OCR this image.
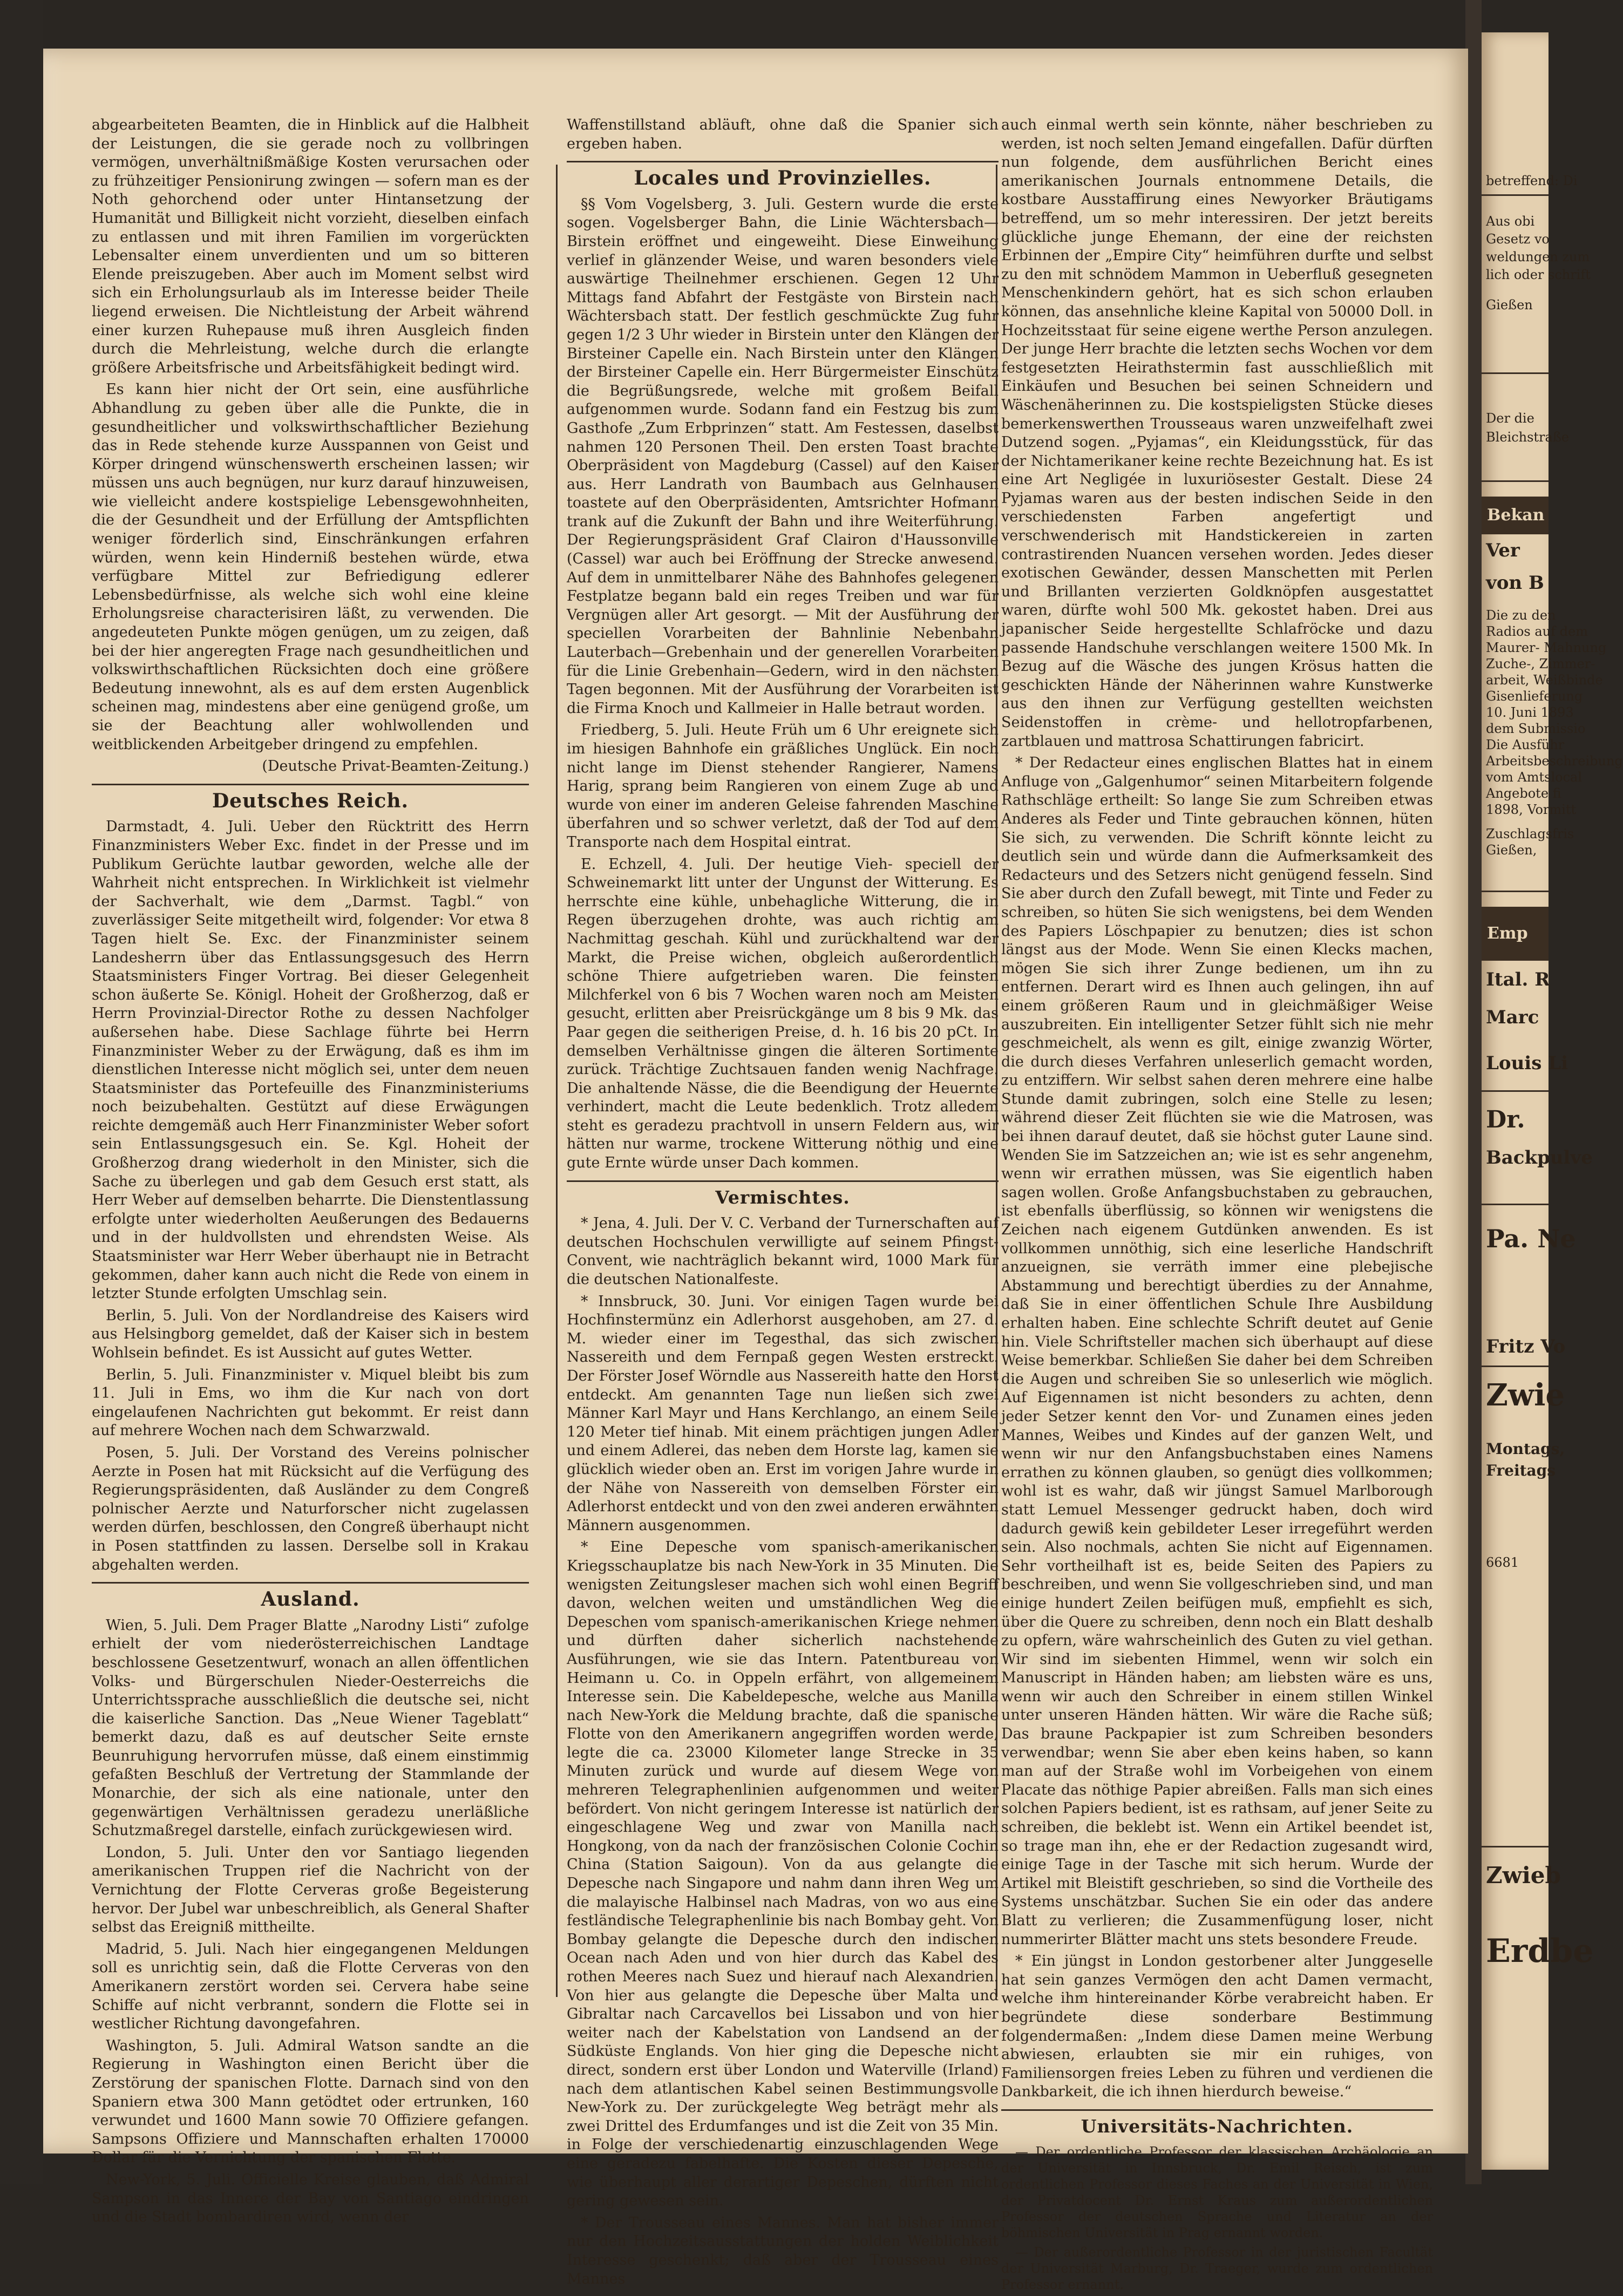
abgearbeiteten Beamten, die in Hinblick auf die Halbheit der Leistungen, die sie gerade noch zu vollbringen vermögen, unverhältnißmäßige Kosten verursachen oder zu frühzeitiger Pensionirung zwingen — sofern man es der Noth gehorchend oder unter Hintansetzung der Humanität und Billigkeit nicht vorzieht, dieselben einfach zu entlassen und mit ihren Familien im vorgerückten Lebensalter einem unverdienten und um so bitteren Elende preiszugeben. Aber auch im Moment selbst wird sich ein Erholungsurlaub als im Interesse beider Theile liegend erweisen. Die Nichtleistung der Arbeit während einer kurzen Ruhepause muß ihren Ausgleich finden durch die Mehrleistung, welche durch die erlangte größere Arbeitsfrische und Arbeitsfähigkeit bedingt wird.

Es kann hier nicht der Ort sein, eine ausführliche Abhandlung zu geben über alle die Punkte, die in gesundheitlicher und volkswirthschaftlicher Beziehung das in Rede stehende kurze Ausspannen von Geist und Körper dringend wünschenswerth erscheinen lassen; wir müssen uns auch begnügen, nur kurz darauf hinzuweisen, wie vielleicht andere kostspielige Lebensgewohnheiten, die der Gesundheit und der Erfüllung der Amtspflichten weniger förderlich sind, Einschränkungen erfahren würden, wenn kein Hinderniß bestehen würde, etwa verfügbare Mittel zur Befriedigung edlerer Lebensbedürfnisse, als welche sich wohl eine kleine Erholungsreise characterisiren läßt, zu verwenden. Die angedeuteten Punkte mögen genügen, um zu zeigen, daß bei der hier angeregten Frage nach gesundheitlichen und volkswirthschaftlichen Rücksichten doch eine größere Bedeutung innewohnt, als es auf dem ersten Augenblick scheinen mag, mindestens aber eine genügend große, um sie der Beachtung aller wohlwollenden und weitblickenden Arbeitgeber dringend zu empfehlen.

(Deutsche Privat-Beamten-Zeitung.)

Deutsches Reich.

Darmstadt, 4. Juli. Ueber den Rücktritt des Herrn Finanzministers Weber Exc. findet in der Presse und im Publikum Gerüchte lautbar geworden, welche alle der Wahrheit nicht entsprechen. In Wirklichkeit ist vielmehr der Sachverhalt, wie dem „Darmst. Tagbl.“ von zuverlässiger Seite mitgetheilt wird, folgender: Vor etwa 8 Tagen hielt Se. Exc. der Finanzminister seinem Landesherrn über das Entlassungsgesuch des Herrn Staatsministers Finger Vortrag. Bei dieser Gelegenheit schon äußerte Se. Königl. Hoheit der Großherzog, daß er Herrn Provinzial-Director Rothe zu dessen Nachfolger außersehen habe. Diese Sachlage führte bei Herrn Finanzminister Weber zu der Erwägung, daß es ihm im dienstlichen Interesse nicht möglich sei, unter dem neuen Staatsminister das Portefeuille des Finanzministeriums noch beizubehalten. Gestützt auf diese Erwägungen reichte demgemäß auch Herr Finanzminister Weber sofort sein Entlassungsgesuch ein. Se. Kgl. Hoheit der Großherzog drang wiederholt in den Minister, sich die Sache zu überlegen und gab dem Gesuch erst statt, als Herr Weber auf demselben beharrte. Die Dienstentlassung erfolgte unter wiederholten Aeußerungen des Bedauerns und in der huldvollsten und ehrendsten Weise. Als Staatsminister war Herr Weber überhaupt nie in Betracht gekommen, daher kann auch nicht die Rede von einem in letzter Stunde erfolgten Umschlag sein.

Berlin, 5. Juli. Von der Nordlandreise des Kaisers wird aus Helsingborg gemeldet, daß der Kaiser sich in bestem Wohlsein befindet. Es ist Aussicht auf gutes Wetter.

Berlin, 5. Juli. Finanzminister v. Miquel bleibt bis zum 11. Juli in Ems, wo ihm die Kur nach von dort eingelaufenen Nachrichten gut bekommt. Er reist dann auf mehrere Wochen nach dem Schwarzwald.

Posen, 5. Juli. Der Vorstand des Vereins polnischer Aerzte in Posen hat mit Rücksicht auf die Verfügung des Regierungspräsidenten, daß Ausländer zu dem Congreß polnischer Aerzte und Naturforscher nicht zugelassen werden dürfen, beschlossen, den Congreß überhaupt nicht in Posen stattfinden zu lassen. Derselbe soll in Krakau abgehalten werden.

Ausland.

Wien, 5. Juli. Dem Prager Blatte „Narodny Listi“ zufolge erhielt der vom niederösterreichischen Landtage beschlossene Gesetzentwurf, wonach an allen öffentlichen Volks- und Bürgerschulen Nieder-Oesterreichs die Unterrichtssprache ausschließlich die deutsche sei, nicht die kaiserliche Sanction. Das „Neue Wiener Tageblatt“ bemerkt dazu, daß es auf deutscher Seite ernste Beunruhigung hervorrufen müsse, daß einem einstimmig gefaßten Beschluß der Vertretung der Stammlande der Monarchie, der sich als eine nationale, unter den gegenwärtigen Verhältnissen geradezu unerläßliche Schutzmaßregel darstelle, einfach zurückgewiesen wird.

London, 5. Juli. Unter den vor Santiago liegenden amerikanischen Truppen rief die Nachricht von der Vernichtung der Flotte Cerveras große Begeisterung hervor. Der Jubel war unbeschreiblich, als General Shafter selbst das Ereigniß mittheilte.

Madrid, 5. Juli. Nach hier eingegangenen Meldungen soll es unrichtig sein, daß die Flotte Cerveras von den Amerikanern zerstört worden sei. Cervera habe seine Schiffe auf nicht verbrannt, sondern die Flotte sei in westlicher Richtung davongefahren.

Washington, 5. Juli. Admiral Watson sandte an die Regierung in Washington einen Bericht über die Zerstörung der spanischen Flotte. Darnach sind von den Spaniern etwa 300 Mann getödtet oder ertrunken, 160 verwundet und 1600 Mann sowie 70 Offiziere gefangen. Sampsons Offiziere und Mannschaften erhalten 170000 Dollar für die Vernichtung der spanischen Flotte.

New-York, 5. Juli. Officielle Kreise glauben, daß Admiral Sampson in das Innere der Bay von Santiago eindringen und die Stadt bombardiren wird, wenn der

Waffenstillstand abläuft, ohne daß die Spanier sich ergeben haben.

Locales und Provinzielles.

§§ Vom Vogelsberg, 3. Juli. Gestern wurde die erste sogen. Vogelsberger Bahn, die Linie Wächtersbach—Birstein eröffnet und eingeweiht. Diese Einweihung verlief in glänzender Weise, und waren besonders viele auswärtige Theilnehmer erschienen. Gegen 12 Uhr Mittags fand Abfahrt der Festgäste von Birstein nach Wächtersbach statt. Der festlich geschmückte Zug fuhr gegen 1/2 3 Uhr wieder in Birstein unter den Klängen der Birsteiner Capelle ein. Nach Birstein unter den Klängen der Birsteiner Capelle ein. Herr Bürgermeister Einschütz die Begrüßungsrede, welche mit großem Beifall aufgenommen wurde. Sodann fand ein Festzug bis zum Gasthofe „Zum Erbprinzen“ statt. Am Festessen, daselbst nahmen 120 Personen Theil. Den ersten Toast brachte Oberpräsident von Magdeburg (Cassel) auf den Kaiser aus. Herr Landrath von Baumbach aus Gelnhausen toastete auf den Oberpräsidenten, Amtsrichter Hofmann trank auf die Zukunft der Bahn und ihre Weiterführung. Der Regierungspräsident Graf Clairon d'Haussonville (Cassel) war auch bei Eröffnung der Strecke anwesend. Auf dem in unmittelbarer Nähe des Bahnhofes gelegenen Festplatze begann bald ein reges Treiben und war für Vergnügen aller Art gesorgt. — Mit der Ausführung der speciellen Vorarbeiten der Bahnlinie Nebenbahn Lauterbach—Grebenhain und der generellen Vorarbeiten für die Linie Grebenhain—Gedern, wird in den nächsten Tagen begonnen. Mit der Ausführung der Vorarbeiten ist die Firma Knoch und Kallmeier in Halle betraut worden.

Friedberg, 5. Juli. Heute Früh um 6 Uhr ereignete sich im hiesigen Bahnhofe ein gräßliches Unglück. Ein noch nicht lange im Dienst stehender Rangierer, Namens Harig, sprang beim Rangieren von einem Zuge ab und wurde von einer im anderen Geleise fahrenden Maschine überfahren und so schwer verletzt, daß der Tod auf dem Transporte nach dem Hospital eintrat.

E. Echzell, 4. Juli. Der heutige Vieh- speciell der Schweinemarkt litt unter der Ungunst der Witterung. Es herrschte eine kühle, unbehagliche Witterung, die in Regen überzugehen drohte, was auch richtig am Nachmittag geschah. Kühl und zurückhaltend war der Markt, die Preise wichen, obgleich außerordentlich schöne Thiere aufgetrieben waren. Die feinsten Milchferkel von 6 bis 7 Wochen waren noch am Meisten gesucht, erlitten aber Preisrückgänge um 8 bis 9 Mk. das Paar gegen die seitherigen Preise, d. h. 16 bis 20 pCt. In demselben Verhältnisse gingen die älteren Sortimente zurück. Trächtige Zuchtsauen fanden wenig Nachfrage. Die anhaltende Nässe, die die Beendigung der Heuernte verhindert, macht die Leute bedenklich. Trotz alledem steht es geradezu prachtvoll in unsern Feldern aus, wir hätten nur warme, trockene Witterung nöthig und eine gute Ernte würde unser Dach kommen.

Vermischtes.

* Jena, 4. Juli. Der V. C. Verband der Turnerschaften auf deutschen Hochschulen verwilligte auf seinem Pfingst-Convent, wie nachträglich bekannt wird, 1000 Mark für die deutschen Nationalfeste.

* Innsbruck, 30. Juni. Vor einigen Tagen wurde bei Hochfinstermünz ein Adlerhorst ausgehoben, am 27. d. M. wieder einer im Tegesthal, das sich zwischen Nassereith und dem Fernpaß gegen Westen erstreckt. Der Förster Josef Wörndle aus Nassereith hatte den Horst entdeckt. Am genannten Tage nun ließen sich zwei Männer Karl Mayr und Hans Kerchlango, an einem Seile 120 Meter tief hinab. Mit einem prächtigen jungen Adler und einem Adlerei, das neben dem Horste lag, kamen sie glücklich wieder oben an. Erst im vorigen Jahre wurde in der Nähe von Nassereith von demselben Förster ein Adlerhorst entdeckt und von den zwei anderen erwähnten Männern ausgenommen.

* Eine Depesche vom spanisch-amerikanischen Kriegsschauplatze bis nach New-York in 35 Minuten. Die wenigsten Zeitungsleser machen sich wohl einen Begriff davon, welchen weiten und umständlichen Weg die Depeschen vom spanisch-amerikanischen Kriege nehmen und dürften daher sicherlich nachstehende Ausführungen, wie sie das Intern. Patentbureau von Heimann u. Co. in Oppeln erfährt, von allgemeinem Interesse sein. Die Kabeldepesche, welche aus Manilla nach New-York die Meldung brachte, daß die spanische Flotte von den Amerikanern angegriffen worden werde, legte die ca. 23000 Kilometer lange Strecke in 35 Minuten zurück und wurde auf diesem Wege von mehreren Telegraphenlinien aufgenommen und weiter befördert. Von nicht geringem Interesse ist natürlich der eingeschlagene Weg und zwar von Manilla nach Hongkong, von da nach der französischen Colonie Cochin China (Station Saigoun). Von da aus gelangte die Depesche nach Singapore und nahm dann ihren Weg um die malayische Halbinsel nach Madras, von wo aus eine festländische Telegraphenlinie bis nach Bombay geht. Von Bombay gelangte die Depesche durch den indischen Ocean nach Aden und von hier durch das Kabel des rothen Meeres nach Suez und hierauf nach Alexandrien. Von hier aus gelangte die Depesche über Malta und Gibraltar nach Carcavellos bei Lissabon und von hier weiter nach der Kabelstation von Landsend an der Südküste Englands. Von hier ging die Depesche nicht direct, sondern erst über London und Waterville (Irland) nach dem atlantischen Kabel seinen Bestimmungsvolle New-York zu. Der zurückgelegte Weg beträgt mehr als zwei Drittel des Erdumfanges und ist die Zeit von 35 Min. in Folge der verschiedenartig einzuschlagenden Wege eine geradezu fabelhafte. Die Kosten dieser Depesche, wie überhaupt aller derartiger Depeschen, dürften nicht gering gewesen sein.

* Der Trousseau eines Mannes. Man hat bisher immer nur den Hochzeitsausstattungen der holden Weiblichkeit Interesse geschenkt; daß aber der Trousseau eines Mannes

auch einmal werth sein könnte, näher beschrieben zu werden, ist noch selten Jemand eingefallen. Dafür dürften nun folgende, dem ausführlichen Bericht eines amerikanischen Journals entnommene Details, die kostbare Ausstaffirung eines Newyorker Bräutigams betreffend, um so mehr interessiren. Der jetzt bereits glückliche junge Ehemann, der eine der reichsten Erbinnen der „Empire City“ heimführen durfte und selbst zu den mit schnödem Mammon in Ueberfluß gesegneten Menschenkindern gehört, hat es sich schon erlauben können, das ansehnliche kleine Kapital von 50000 Doll. in Hochzeitsstaat für seine eigene werthe Person anzulegen. Der junge Herr brachte die letzten sechs Wochen vor dem festgesetzten Heirathstermin fast ausschließlich mit Einkäufen und Besuchen bei seinen Schneidern und Wäschenäherinnen zu. Die kostspieligsten Stücke dieses bemerkenswerthen Trousseaus waren unzweifelhaft zwei Dutzend sogen. „Pyjamas“, ein Kleidungsstück, für das der Nichtamerikaner keine rechte Bezeichnung hat. Es ist eine Art Negligée in luxuriösester Gestalt. Diese 24 Pyjamas waren aus der besten indischen Seide in den verschiedensten Farben angefertigt und verschwenderisch mit Handstickereien in zarten contrastirenden Nuancen versehen worden. Jedes dieser exotischen Gewänder, dessen Manschetten mit Perlen und Brillanten verzierten Goldknöpfen ausgestattet waren, dürfte wohl 500 Mk. gekostet haben. Drei aus japanischer Seide hergestellte Schlafröcke und dazu passende Handschuhe verschlangen weitere 1500 Mk. In Bezug auf die Wäsche des jungen Krösus hatten die geschickten Hände der Näherinnen wahre Kunstwerke aus den ihnen zur Verfügung gestellten weichsten Seidenstoffen in crème- und hellotropfarbenen, zartblauen und mattrosa Schattirungen fabricirt.

* Der Redacteur eines englischen Blattes hat in einem Anfluge von „Galgenhumor“ seinen Mitarbeitern folgende Rathschläge ertheilt: So lange Sie zum Schreiben etwas Anderes als Feder und Tinte gebrauchen können, hüten Sie sich, zu verwenden. Die Schrift könnte leicht zu deutlich sein und würde dann die Aufmerksamkeit des Redacteurs und des Setzers nicht genügend fesseln. Sind Sie aber durch den Zufall bewegt, mit Tinte und Feder zu schreiben, so hüten Sie sich wenigstens, bei dem Wenden des Papiers Löschpapier zu benutzen; dies ist schon längst aus der Mode. Wenn Sie einen Klecks machen, mögen Sie sich ihrer Zunge bedienen, um ihn zu entfernen. Derart wird es Ihnen auch gelingen, ihn auf einem größeren Raum und in gleichmäßiger Weise auszubreiten. Ein intelligenter Setzer fühlt sich nie mehr geschmeichelt, als wenn es gilt, einige zwanzig Wörter, die durch dieses Verfahren unleserlich gemacht worden, zu entziffern. Wir selbst sahen deren mehrere eine halbe Stunde damit zubringen, solch eine Stelle zu lesen; während dieser Zeit flüchten sie wie die Matrosen, was bei ihnen darauf deutet, daß sie höchst guter Laune sind. Wenden Sie im Satzzeichen an; wie ist es sehr angenehm, wenn wir errathen müssen, was Sie eigentlich haben sagen wollen. Große Anfangsbuchstaben zu gebrauchen, ist ebenfalls überflüssig, so können wir wenigstens die Zeichen nach eigenem Gutdünken anwenden. Es ist vollkommen unnöthig, sich eine leserliche Handschrift anzueignen, sie verräth immer eine plebejische Abstammung und berechtigt überdies zu der Annahme, daß Sie in einer öffentlichen Schule Ihre Ausbildung erhalten haben. Eine schlechte Schrift deutet auf Genie hin. Viele Schriftsteller machen sich überhaupt auf diese Weise bemerkbar. Schließen Sie daher bei dem Schreiben die Augen und schreiben Sie so unleserlich wie möglich. Auf Eigennamen ist nicht besonders zu achten, denn jeder Setzer kennt den Vor- und Zunamen eines jeden Mannes, Weibes und Kindes auf der ganzen Welt, und wenn wir nur den Anfangsbuchstaben eines Namens errathen zu können glauben, so genügt dies vollkommen; wohl ist es wahr, daß wir jüngst Samuel Marlborough statt Lemuel Messenger gedruckt haben, doch wird dadurch gewiß kein gebildeter Leser irregeführt werden sein. Also nochmals, achten Sie nicht auf Eigennamen. Sehr vortheilhaft ist es, beide Seiten des Papiers zu beschreiben, und wenn Sie vollgeschrieben sind, und man einige hundert Zeilen beifügen muß, empfiehlt es sich, über die Quere zu schreiben, denn noch ein Blatt deshalb zu opfern, wäre wahrscheinlich des Guten zu viel gethan. Wir sind im siebenten Himmel, wenn wir solch ein Manuscript in Händen haben; am liebsten wäre es uns, wenn wir auch den Schreiber in einem stillen Winkel unter unseren Händen hätten. Wir wäre die Rache süß; Das braune Packpapier ist zum Schreiben besonders verwendbar; wenn Sie aber eben keins haben, so kann man auf der Straße wohl im Vorbeigehen von einem Placate das nöthige Papier abreißen. Falls man sich eines solchen Papiers bedient, ist es rathsam, auf jener Seite zu schreiben, die beklebt ist. Wenn ein Artikel beendet ist, so trage man ihn, ehe er der Redaction zugesandt wird, einige Tage in der Tasche mit sich herum. Wurde der Artikel mit Bleistift geschrieben, so sind die Vortheile des Systems unschätzbar. Suchen Sie ein oder das andere Blatt zu verlieren; die Zusammenfügung loser, nicht nummerirter Blätter macht uns stets besondere Freude.

* Ein jüngst in London gestorbener alter Junggeselle hat sein ganzes Vermögen den acht Damen vermacht, welche ihm hintereinander Körbe verabreicht haben. Er begründete diese sonderbare Bestimmung folgendermaßen: „Indem diese Damen meine Werbung abwiesen, erlaubten sie mir ein ruhiges, von Familiensorgen freies Leben zu führen und verdienen die Dankbarkeit, die ich ihnen hierdurch beweise.“

Universitäts-Nachrichten.

— Der ordentliche Professor der klassischen Archäologie an der Universität in Innsbruck, Dr. Emil Reisch, ist zum ordentlichen Professor dieses Faches an der Universität in Wien, der Privatdocent Dr. Ernst Kraus zum außerordentlichen Professor der deutschen Sprache und Literatur an der böhmischen Universität in Prag ernannt worden.

— Der außerordentliche Professor in der juristischen Facultät der Universität Marburg, Dr. Traeger, wurde zum ordentlichen Professor ernannt.

betreffend: Di
Aus obi
Gesetz vo
weldungen zum
lich oder schrift
Gießen
Der die
Bleichstraße
Bekan
Ver
von B
Die zu den
Radios auf dem
Maurer- Mahnung
Zuche-, Zimmer-
arbeit, Weißbinde
Gisenlieferung
10. Juni 1893
dem Submissio
Die Ausführ
Arbeitsbeschreibung
vom Amtslocal
Angebote fi
1898, Vormitt
Zuschlagsfris
Gießen,
Emp
Ital. R
Marc
Louis Li
Dr.
Backpulve
Pa. Ne
Fritz Vo
Zwie
Montags,
Freitags
6681
Zwieb
Erdbe
